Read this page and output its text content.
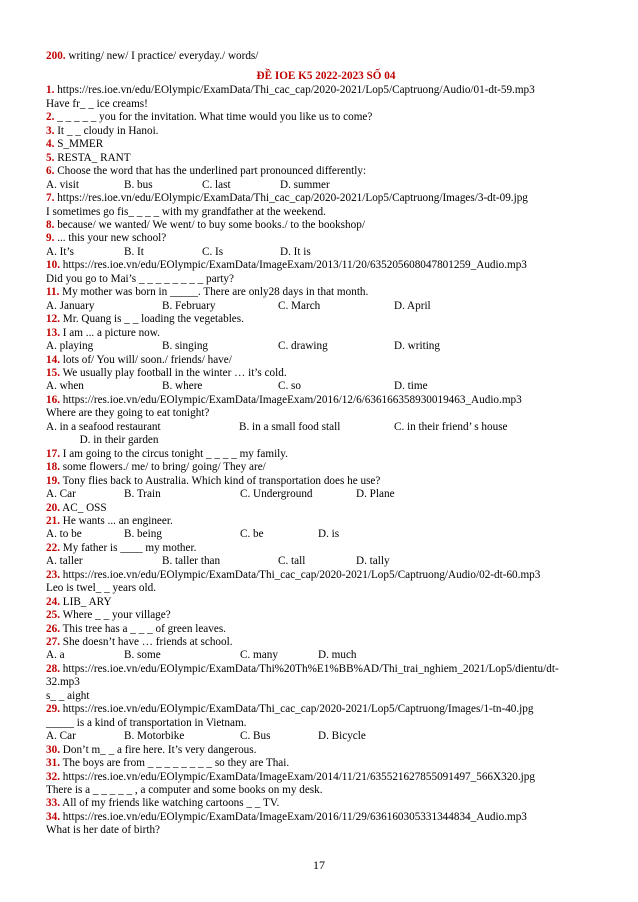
200. writing/ new/ I practice/ everyday./ words/
ĐỀ IOE K5 2022-2023 SỐ 04
1. https://res.ioe.vn/edu/EOlympic/ExamData/Thi_cac_cap/2020-2021/Lop5/Captruong/Audio/01-dt-59.mp3
Have fr_ _ ice creams!
2. _ _ _ _ _ you for the invitation. What time would you like us to come?
3. It _ _ cloudy in Hanoi.
4. S_MMER
5. RESTA_ RANT
6. Choose the word that has the underlined part pronounced differently:
A. visit	B. bus	C. last	D. summer
7. https://res.ioe.vn/edu/EOlympic/ExamData/Thi_cac_cap/2020-2021/Lop5/Captruong/Images/3-dt-09.jpg
I sometimes go fis_ _ _ _ with my grandfather at the weekend.
8. because/ we wanted/ We went/ to buy some books./ to the bookshop/
9. ... this your new school?
A. It’s	B. It	C. Is	D. It is
10. https://res.ioe.vn/edu/EOlympic/ExamData/ImageExam/2013/11/20/635205608047801259_Audio.mp3
Did you go to Mai’s _ _ _ _ _ _ _ _ party?
11. My mother was born in _____. There are only28 days in that month.
A. January	B. February	C. March	D. April
12. Mr. Quang is _ _ loading the vegetables.
13. I am ... a picture now.
A. playing	B. singing	C. drawing	D. writing
14. lots of/ You will/ soon./ friends/ have/
15. We usually play football in the winter … it’s cold.
A. when	B. where	C. so	D. time
16. https://res.ioe.vn/edu/EOlympic/ExamData/ImageExam/2016/12/6/636166358930019463_Audio.mp3
Where are they going to eat tonight?
A. in a seafood restaurant	B. in a small food stall	C. in their friend’ s house
D. in their garden
17. I am going to the circus tonight _ _ _ _ my family.
18. some flowers./ me/ to bring/ going/ They are/
19. Tony flies back to Australia. Which kind of transportation does he use?
A. Car	B. Train	C. Underground	D. Plane
20. AC_ OSS
21. He wants ... an engineer.
A. to be	B. being	C. be	D. is
22. My father is ____ my mother.
A. taller	B. taller than	C. tall	D. tally
23. https://res.ioe.vn/edu/EOlympic/ExamData/Thi_cac_cap/2020-2021/Lop5/Captruong/Audio/02-dt-60.mp3
Leo is twel_ _ years old.
24. LIB_ ARY
25. Where _ _ your village?
26. This tree has a _ _ _ of green leaves.
27. She doesn’t have … friends at school.
A. a	B. some	C. many	D. much
28. https://res.ioe.vn/edu/EOlympic/ExamData/Thi%20Th%E1%BB%AD/Thi_trai_nghiem_2021/Lop5/dientu/dt-
32.mp3
s_ _ aight
29. https://res.ioe.vn/edu/EOlympic/ExamData/Thi_cac_cap/2020-2021/Lop5/Captruong/Images/1-tn-40.jpg
_____ is a kind of transportation in Vietnam.
A. Car	B. Motorbike	C. Bus	D. Bicycle
30. Don’t m_ _ a fire here. It’s very dangerous.
31. The boys are from _ _ _ _ _ _ _ _ so they are Thai.
32. https://res.ioe.vn/edu/EOlympic/ExamData/ImageExam/2014/11/21/635521627855091497_566X320.jpg
There is a _ _ _ _ _ , a computer and some books on my desk.
33. All of my friends like watching cartoons _ _ TV.
34. https://res.ioe.vn/edu/EOlympic/ExamData/ImageExam/2016/11/29/636160305331344834_Audio.mp3
What is her date of birth?
17
